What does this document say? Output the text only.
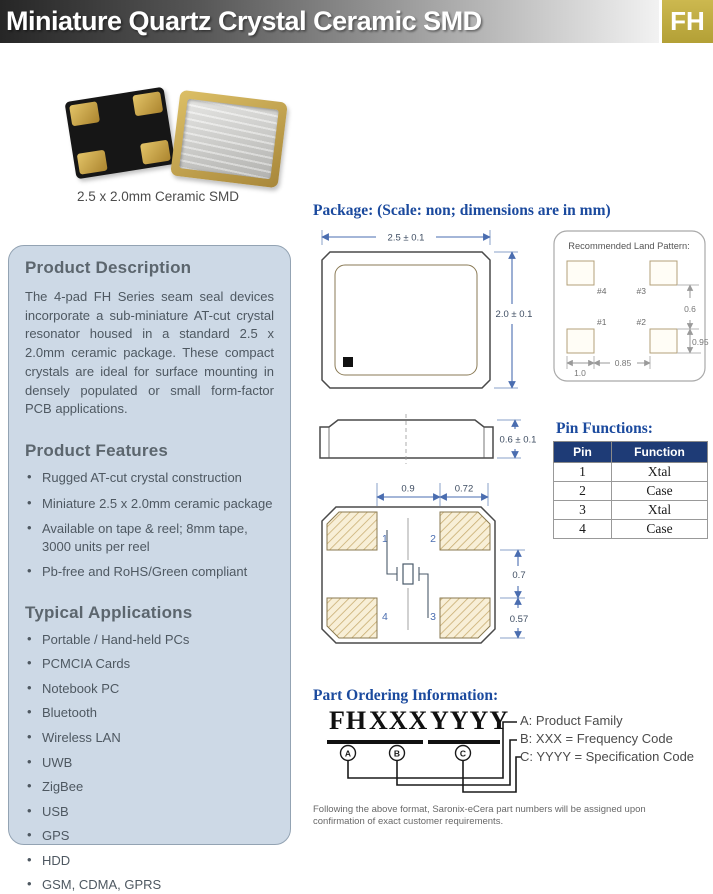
Miniature Quartz Crystal Ceramic SMD	FH
2.5 x 2.0mm Ceramic SMD
Product Description

The 4-pad FH Series seam seal devices incorporate a sub-miniature AT-cut crystal resonator housed in a standard 2.5 x 2.0mm ceramic package. These compact crystals are ideal for surface mounting in densely populated or small form-factor PCB applications.

Product Features
• Rugged AT-cut crystal construction
• Miniature 2.5 x 2.0mm ceramic package
• Available on tape & reel; 8mm tape, 3000 units per reel
• Pb-free and RoHS/Green compliant
Typical Applications
• Portable / Hand-held PCs
• PCMCIA Cards
• Notebook PC
• Bluetooth
• Wireless LAN
• UWB
• ZigBee
• USB
• GPS
• HDD
• GSM, CDMA, GPRS
Package: (Scale: non; dimensions are in mm)
2.5 ± 0.1
2.0 ± 0.1
Recommended Land Pattern:
#4	#3
#1	#2
0.6
0.95
1.0
0.85
0.6 ± 0.1
Pin Functions:
Pin	Function
1	Xtal
2	Case
3	Xtal
4	Case
0.9	0.72
1	2
3
4
0.7
0.57
Part Ordering Information:
FH XXX YYYY
A	B	C
A: Product Family
B: XXX = Frequency Code
C: YYYY = Specification Code
Following the above format, Saronix-eCera part numbers will be assigned upon
confirmation of exact customer requirements.
